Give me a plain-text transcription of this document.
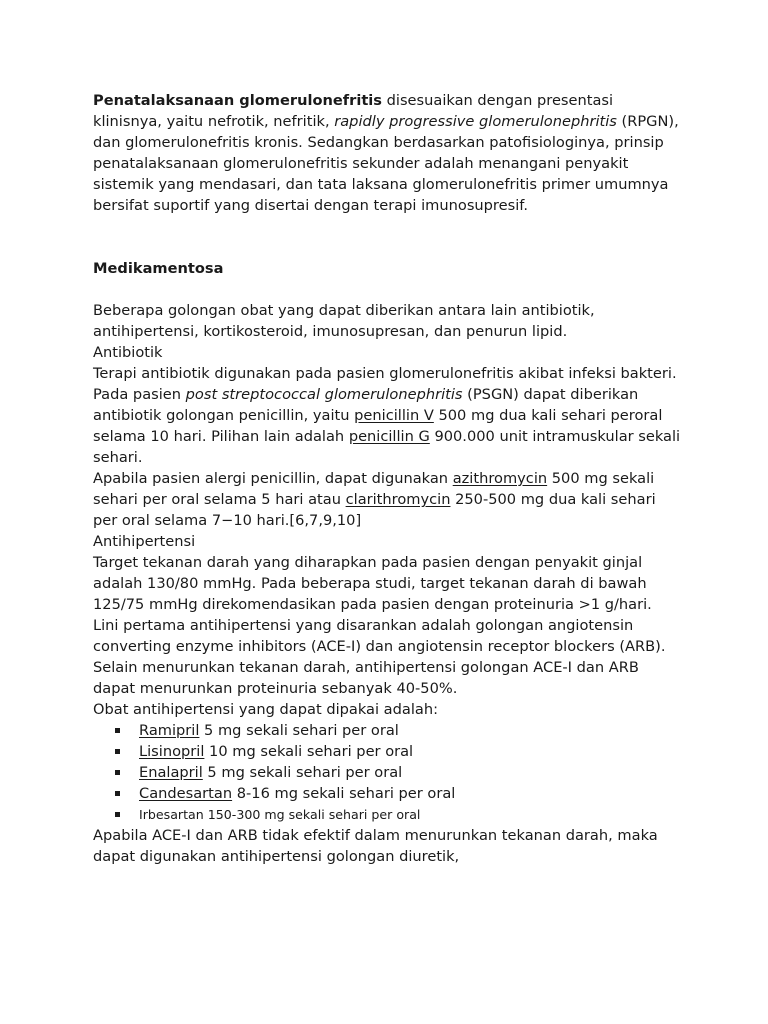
Penatalaksanaan glomerulonefritis disesuaikan dengan presentasi klinisnya, yaitu nefrotik, nefritik, rapidly progressive glomerulonephritis (RPGN), dan glomerulonefritis kronis. Sedangkan berdasarkan patofisiologinya, prinsip penatalaksanaan glomerulonefritis sekunder adalah menangani penyakit sistemik yang mendasari, dan tata laksana glomerulonefritis primer umumnya bersifat suportif yang disertai dengan terapi imunosupresif.

Medikamentosa

Beberapa golongan obat yang dapat diberikan antara lain antibiotik, antihipertensi, kortikosteroid, imunosupresan, dan penurun lipid.

Antibiotik

Terapi antibiotik digunakan pada pasien glomerulonefritis akibat infeksi bakteri. Pada pasien post streptococcal glomerulonephritis (PSGN) dapat diberikan antibiotik golongan penicillin, yaitu penicillin V 500 mg dua kali sehari peroral selama 10 hari. Pilihan lain adalah penicillin G 900.000 unit intramuskular sekali sehari.

Apabila pasien alergi penicillin, dapat digunakan azithromycin 500 mg sekali sehari per oral selama 5 hari atau clarithromycin 250-500 mg dua kali sehari per oral selama 7−10 hari.[6,7,9,10]

Antihipertensi

Target tekanan darah yang diharapkan pada pasien dengan penyakit ginjal adalah 130/80 mmHg. Pada beberapa studi, target tekanan darah di bawah 125/75 mmHg direkomendasikan pada pasien dengan proteinuria >1 g/hari.

Lini pertama antihipertensi yang disarankan adalah golongan angiotensin converting enzyme inhibitors (ACE-I) dan angiotensin receptor blockers (ARB). Selain menurunkan tekanan darah, antihipertensi golongan ACE-I dan ARB dapat menurunkan proteinuria sebanyak 40-50%.

Obat antihipertensi yang dapat dipakai adalah:

Ramipril 5 mg sekali sehari per oral
Lisinopril 10 mg sekali sehari per oral
Enalapril 5 mg sekali sehari per oral
Candesartan 8-16 mg sekali sehari per oral
Irbesartan 150-300 mg sekali sehari per oral

Apabila ACE-I dan ARB tidak efektif dalam menurunkan tekanan darah, maka dapat digunakan antihipertensi golongan diuretik,
